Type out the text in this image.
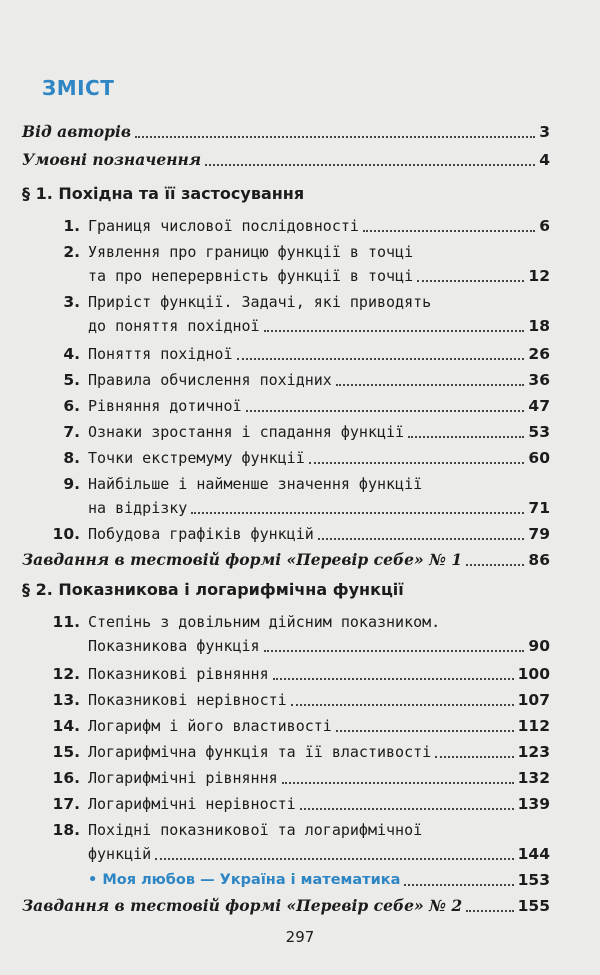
ЗМІСТ
Від авторів	3
Умовні позначення	4
§ 1. Похідна та її застосування
1. Границя числової послідовності	6
2. Уявлення про границю функції в точці
та про неперервність функції в точці	12
3. Приріст функції. Задачі, які приводять
до поняття похідної	18
4. Поняття похідної	26
5. Правила обчислення похідних	36
6. Рівняння дотичної	47
7. Ознаки зростання і спадання функції	53
8. Точки екстремуму функції	60
9. Найбільше і найменше значення функції
на відрізку	71
10. Побудова графіків функцій	79
Завдання в тестовій формі «Перевір себе» № 1	86
§ 2. Показникова і логарифмічна функції
11. Степінь з довільним дійсним показником.
Показникова функція	90
12. Показникові рівняння	100
13. Показникові нерівності	107
14. Логарифм і його властивості	112
15. Логарифмічна функція та її властивості	123
16. Логарифмічні рівняння	132
17. Логарифмічні нерівності	139
18. Похідні показникової та логарифмічної
функцій	144
• Моя любов — Україна і математика	153
Завдання в тестовій формі «Перевір себе» № 2	155
297
